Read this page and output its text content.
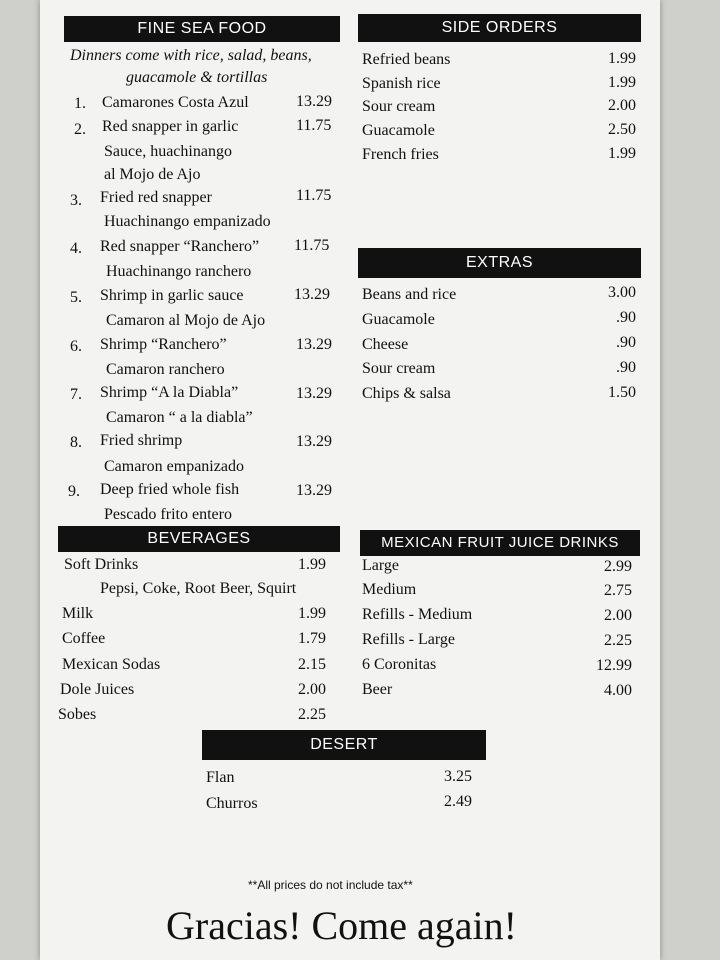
FINE SEA FOOD
Dinners come with rice, salad, beans,
guacamole & tortillas
1. Camarones Costa Azul	13.29
2. Red snapper in garlic	11.75
Sauce, huachinango
al Mojo de Ajo
3. Fried red snapper	11.75
Huachinango empanizado
4. Red snapper “Ranchero” 11.75
Huachinango ranchero
5. Shrimp in garlic sauce	13.29
Camaron al Mojo de Ajo
6. Shrimp “Ranchero”	13.29
Camaron ranchero
7. Shrimp “A la Diabla”	13.29
Camaron “ a la diabla”
8. Fried shrimp	13.29
Camaron empanizado
9. Deep fried whole fish	13.29
Pescado frito entero
SIDE ORDERS
Refried beans	1.99
Spanish rice	1.99
Sour cream	2.00
Guacamole	2.50
French fries	1.99
EXTRAS
Beans and rice	3.00
Guacamole	.90
Cheese	.90
Sour cream	.90
Chips & salsa	1.50
BEVERAGES
Soft Drinks	1.99
Pepsi, Coke, Root Beer, Squirt
Milk	1.99
Coffee	1.79
Mexican Sodas	2.15
Dole Juices	2.00
Sobes	2.25
MEXICAN FRUIT JUICE DRINKS
Large	2.99
Medium	2.75
Refills - Medium	2.00
Refills - Large	2.25
6 Coronitas	12.99
Beer	4.00
DESERT
Flan	3.25
Churros	2.49
**All prices do not include tax**
Gracias! Come again!
